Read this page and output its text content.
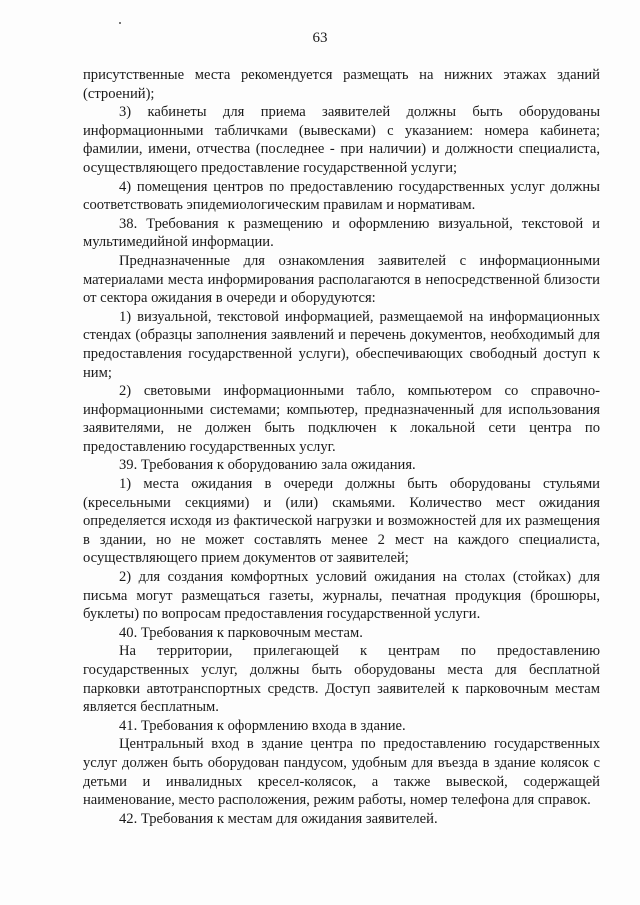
63

присутственные места рекомендуется размещать на нижних этажах зданий (строений);

3) кабинеты для приема заявителей должны быть оборудованы информационными табличками (вывесками) с указанием: номера кабинета; фамилии, имени, отчества (последнее - при наличии) и должности специалиста, осуществляющего предоставление государственной услуги;

4) помещения центров по предоставлению государственных услуг должны соответствовать эпидемиологическим правилам и нормативам.

38. Требования к размещению и оформлению визуальной, текстовой и мультимедийной информации.

Предназначенные для ознакомления заявителей с информационными материалами места информирования располагаются в непосредственной близости от сектора ожидания в очереди и оборудуются:

1) визуальной, текстовой информацией, размещаемой на информационных стендах (образцы заполнения заявлений и перечень документов, необходимый для предоставления государственной услуги), обеспечивающих свободный доступ к ним;

2) световыми информационными табло, компьютером со справочно-информационными системами; компьютер, предназначенный для использования заявителями, не должен быть подключен к локальной сети центра по предоставлению государственных услуг.

39. Требования к оборудованию зала ожидания.

1) места ожидания в очереди должны быть оборудованы стульями (кресельными секциями) и (или) скамьями. Количество мест ожидания определяется исходя из фактической нагрузки и возможностей для их размещения в здании, но не может составлять менее 2 мест на каждого специалиста, осуществляющего прием документов от заявителей;

2) для создания комфортных условий ожидания на столах (стойках) для письма могут размещаться газеты, журналы, печатная продукция (брошюры, буклеты) по вопросам предоставления государственной услуги.

40. Требования к парковочным местам.

На территории, прилегающей к центрам по предоставлению государственных услуг, должны быть оборудованы места для бесплатной парковки автотранспортных средств. Доступ заявителей к парковочным местам является бесплатным.

41. Требования к оформлению входа в здание.

Центральный вход в здание центра по предоставлению государственных услуг должен быть оборудован пандусом, удобным для въезда в здание колясок с детьми и инвалидных кресел-колясок, а также вывеской, содержащей наименование, место расположения, режим работы, номер телефона для справок.

42. Требования к местам для ожидания заявителей.
